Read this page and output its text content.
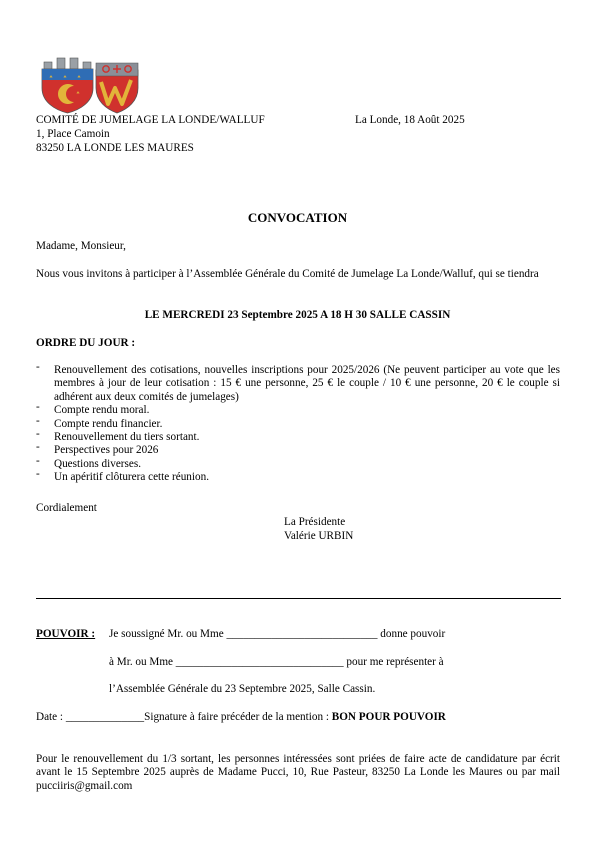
COMITÉ DE JUMELAGE LA LONDE/WALLUF
1, Place Camoin
83250 LA LONDE LES MAURES
La Londe, 18 Août 2025
CONVOCATION
Madame, Monsieur,
Nous vous invitons à participer à l’Assemblée Générale du Comité de Jumelage La Londe/Walluf, qui se tiendra
LE MERCREDI 23 Septembre 2025 A 18 H 30 SALLE CASSIN
ORDRE DU JOUR :
- Renouvellement des cotisations, nouvelles inscriptions pour 2025/2026 (Ne peuvent participer au vote que les membres à jour de leur cotisation : 15 € une personne, 25 € le couple / 10 € une personne, 20 € le couple si adhérent aux deux comités de jumelages)
- Compte rendu moral.
- Compte rendu financier.
- Renouvellement du tiers sortant.
- Perspectives pour 2026
- Questions diverses.
- Un apéritif clôturera cette réunion.
Cordialement
La Présidente
Valérie URBIN
POUVOIR : Je soussigné Mr. ou Mme ___________________________ donne pouvoir
à Mr. ou Mme ______________________________ pour me représenter à
l’Assemblée Générale du 23 Septembre 2025, Salle Cassin.
Date : ______________Signature à faire précéder de la mention : BON POUR POUVOIR
Pour le renouvellement du 1/3 sortant, les personnes intéressées sont priées de faire acte de candidature par écrit avant le 15 Septembre 2025 auprès de Madame Pucci, 10, Rue Pasteur, 83250 La Londe les Maures ou par mail pucciiris@gmail.com
